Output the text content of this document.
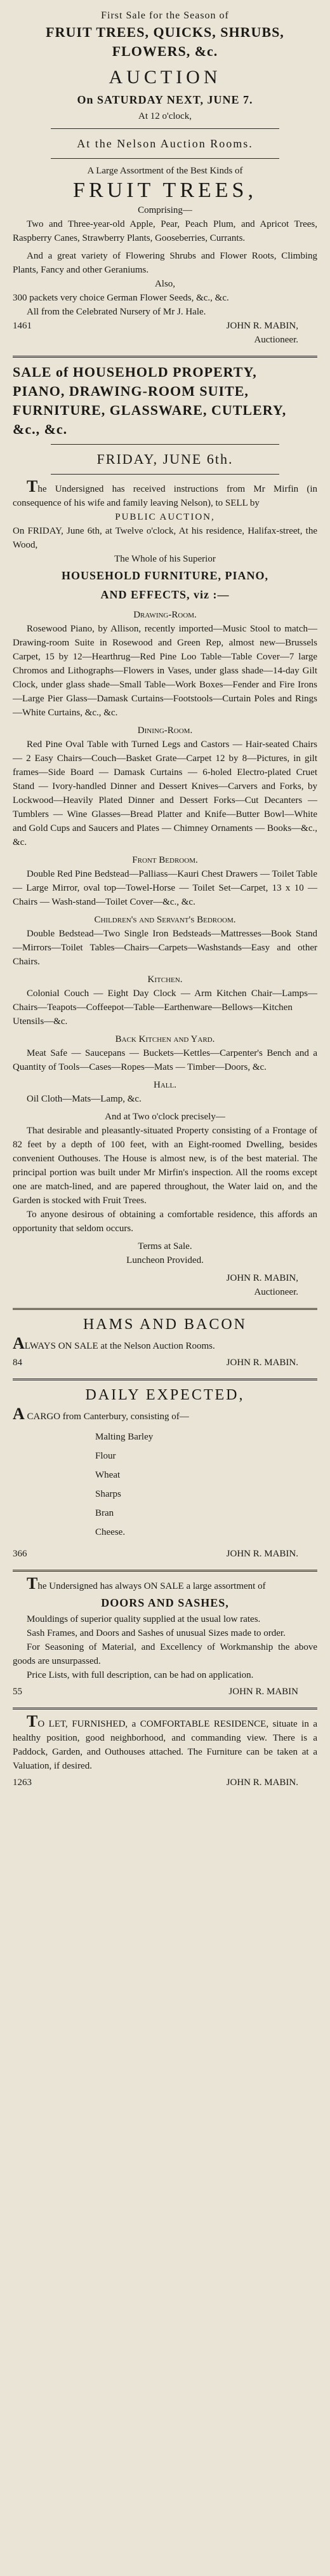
First Sale for the Season of

FRUIT TREES, QUICKS, SHRUBS,

FLOWERS, &c.

AUCTION

On SATURDAY NEXT, JUNE 7.

At 12 o'clock,

At the Nelson Auction Rooms.

A Large Assortment of the Best Kinds of

FRUIT TREES,

Comprising—

Two and Three-year-old Apple, Pear, Peach Plum, and Apricot Trees, Raspberry Canes, Strawberry Plants, Gooseberries, Currants.

And a great variety of Flowering Shrubs and Flower Roots, Climbing Plants, Fancy and other Geraniums.

Also,

300 packets very choice German Flower Seeds, &c., &c.

All from the Celebrated Nursery of Mr J. Hale.

1461	JOHN R. MABIN,

Auctioneer.

SALE of HOUSEHOLD PROPERTY,

PIANO, DRAWING-ROOM SUITE,

FURNITURE, GLASSWARE, CUTLERY, &c., &c.

FRIDAY, JUNE 6th.

The Undersigned has received instructions from Mr Mirfin (in consequence of his wife and family leaving Nelson), to SELL by

PUBLIC AUCTION,

On FRIDAY, June 6th, at Twelve o'clock, At his residence, Halifax-street, the Wood,

The Whole of his Superior

HOUSEHOLD FURNITURE, PIANO,

AND EFFECTS, viz :—

Drawing-Room.

Rosewood Piano, by Allison, recently imported—Music Stool to match—Drawing-room Suite in Rosewood and Green Rep, almost new—Brussels Carpet, 15 by 12—Hearthrug—Red Pine Loo Table—Table Cover—7 large Chromos and Lithographs—Flowers in Vases, under glass shade—14-day Gilt Clock, under glass shade—Small Table—Work Boxes—Fender and Fire Irons—Large Pier Glass—Damask Curtains—Footstools—Curtain Poles and Rings—White Curtains, &c., &c.

Dining-Room.

Red Pine Oval Table with Turned Legs and Castors — Hair-seated Chairs — 2 Easy Chairs—Couch—Basket Grate—Carpet 12 by 8—Pictures, in gilt frames—Side Board — Damask Curtains — 6-holed Electro-plated Cruet Stand — Ivory-handled Dinner and Dessert Knives—Carvers and Forks, by Lockwood—Heavily Plated Dinner and Dessert Forks—Cut Decanters — Tumblers — Wine Glasses—Bread Platter and Knife—Butter Bowl—White and Gold Cups and Saucers and Plates — Chimney Ornaments — Books—&c., &c.

Front Bedroom.

Double Red Pine Bedstead—Palliass—Kauri Chest Drawers — Toilet Table — Large Mirror, oval top—Towel-Horse — Toilet Set—Carpet, 13 x 10 — Chairs — Wash-stand—Toilet Cover—&c., &c.

Children's and Servant's Bedroom.

Double Bedstead—Two Single Iron Bedsteads—Mattresses—Book Stand—Mirrors—Toilet Tables—Chairs—Carpets—Washstands—Easy and other Chairs.

Kitchen.

Colonial Couch — Eight Day Clock — Arm Kitchen Chair—Lamps—Chairs—Teapots—Coffeepot—Table—Earthenware—Bellows—Kitchen Utensils—&c.

Back Kitchen and Yard.

Meat Safe — Saucepans — Buckets—Kettles—Carpenter's Bench and a Quantity of Tools—Cases—Ropes—Mats — Timber—Doors, &c.

Hall.

Oil Cloth—Mats—Lamp, &c.

And at Two o'clock precisely—

That desirable and pleasantly-situated Property consisting of a Frontage of 82 feet by a depth of 100 feet, with an Eight-roomed Dwelling, besides convenient Outhouses. The House is almost new, is of the best material. The principal portion was built under Mr Mirfin's inspection. All the rooms except one are match-lined, and are papered throughout, the Water laid on, and the Garden is stocked with Fruit Trees.

To anyone desirous of obtaining a comfortable residence, this affords an opportunity that seldom occurs.

Terms at Sale.

Luncheon Provided.

JOHN R. MABIN,

Auctioneer.

HAMS AND BACON

ALWAYS ON SALE at the Nelson Auction Rooms.

84	JOHN R. MABIN.

DAILY EXPECTED,

A CARGO from Canterbury, consisting of—

Malting Barley

Flour

Wheat

Sharps

Bran

Cheese.

366	JOHN R. MABIN.

The Undersigned has always ON SALE a large assortment of

DOORS AND SASHES,

Mouldings of superior quality supplied at the usual low rates.

Sash Frames, and Doors and Sashes of unusual Sizes made to order.

For Seasoning of Material, and Excellency of Workmanship the above goods are unsurpassed.

Price Lists, with full description, can be had on application.

55	JOHN R. MABIN

TO LET, FURNISHED, a COMFORTABLE RESIDENCE, situate in a healthy position, good neighborhood, and commanding view. There is a Paddock, Garden, and Outhouses attached. The Furniture can be taken at a Valuation, if desired.

1263	JOHN R. MABIN.
